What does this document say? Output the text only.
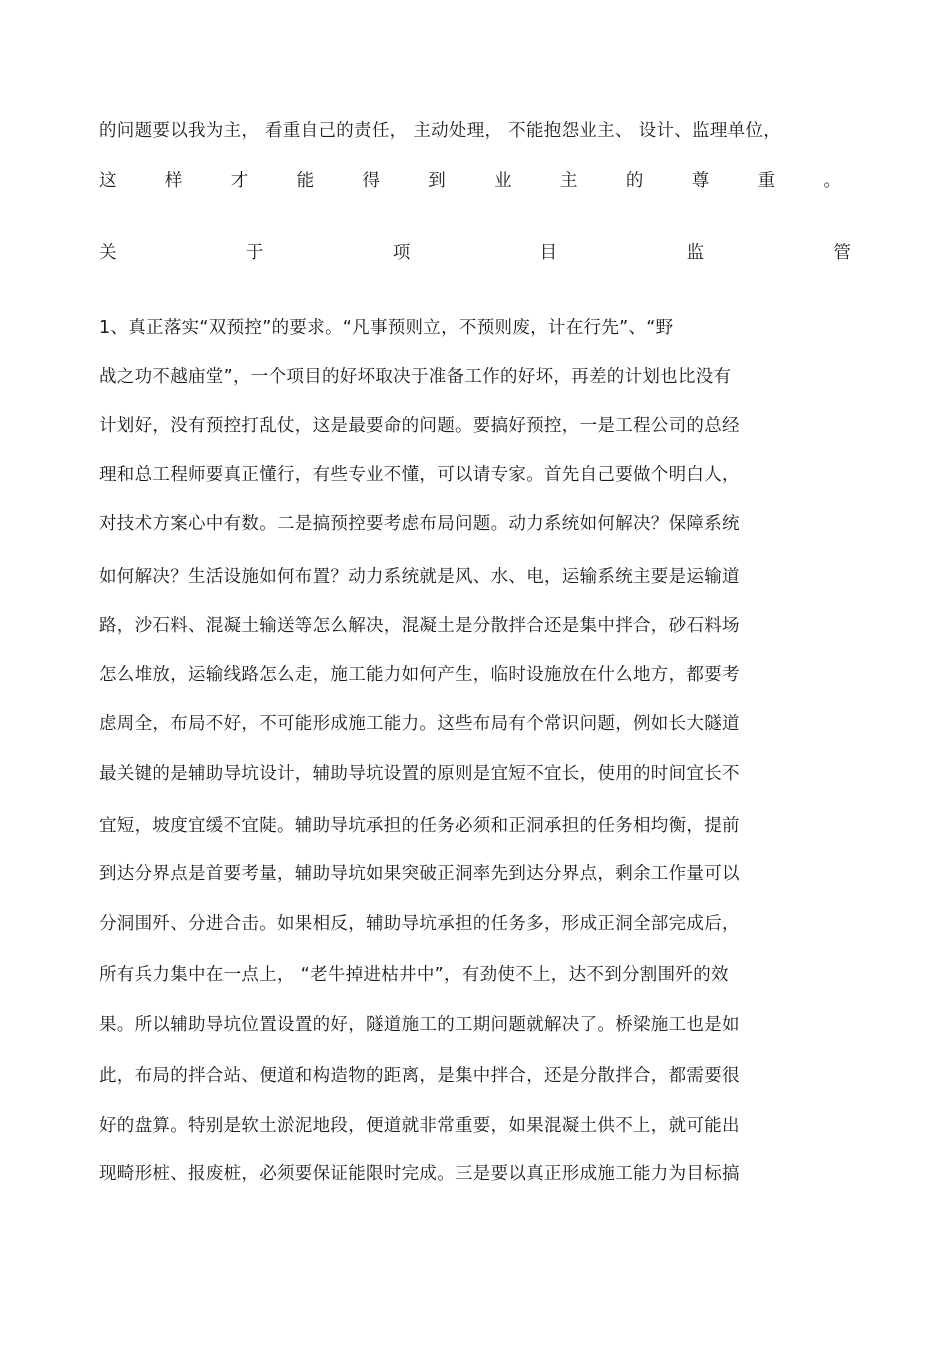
的问题要以我为主， 看重自己的责任， 主动处理， 不能抱怨业主、 设计、监理单位，
这	样	才	能	得	到	业	主	的	尊	重	。
关	于	项	目	监	管
1、真正落实“双预控”的要求。“凡事预则立，不预则废，计在行先”、“野
战之功不越庙堂”，一个项目的好坏取决于准备工作的好坏，再差的计划也比没有
计划好，没有预控打乱仗，这是最要命的问题。要搞好预控，一是工程公司的总经
理和总工程师要真正懂行，有些专业不懂，可以请专家。首先自己要做个明白人，
对技术方案心中有数。二是搞预控要考虑布局问题。动力系统如何解决？保障系统
如何解决？生活设施如何布置？动力系统就是风、水、电，运输系统主要是运输道
路，沙石料、混凝土输送等怎么解决，混凝土是分散拌合还是集中拌合，砂石料场
怎么堆放，运输线路怎么走，施工能力如何产生，临时设施放在什么地方，都要考
虑周全，布局不好，不可能形成施工能力。这些布局有个常识问题，例如长大隧道
最关键的是辅助导坑设计，辅助导坑设置的原则是宜短不宜长，使用的时间宜长不
宜短，坡度宜缓不宜陡。辅助导坑承担的任务必须和正洞承担的任务相均衡，提前
到达分界点是首要考量，辅助导坑如果突破正洞率先到达分界点，剩余工作量可以
分洞围歼、分进合击。如果相反，辅助导坑承担的任务多，形成正洞全部完成后，
所有兵力集中在一点上， “老牛掉进枯井中”，有劲使不上，达不到分割围歼的效
果。所以辅助导坑位置设置的好，隧道施工的工期问题就解决了。桥梁施工也是如
此，布局的拌合站、便道和构造物的距离，是集中拌合，还是分散拌合，都需要很
好的盘算。特别是软土淤泥地段，便道就非常重要，如果混凝土供不上，就可能出
现畸形桩、报废桩，必须要保证能限时完成。三是要以真正形成施工能力为目标搞
